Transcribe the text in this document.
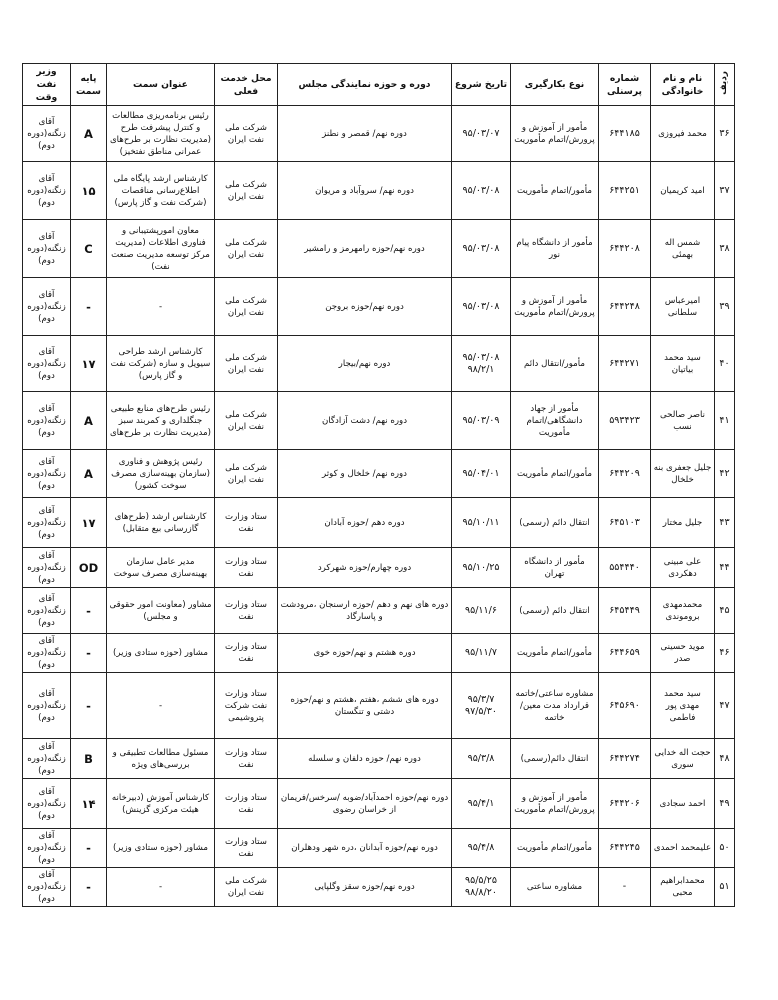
ردیف	نام و نام خانوادگی	شماره پرسنلی	نوع بکارگیری	تاریخ شروع	دوره و حوزه نمایندگی مجلس	محل خدمت فعلی	عنوان سمت	پایه سمت	وزیر نفت وقت
۳۶	محمد فیروزی	۶۴۴۱۸۵	مأمور از آموزش و پرورش/اتمام مأموریت	۹۵/۰۳/۰۷	دوره نهم/ قمصر و نطنز	شرکت ملی نفت ایران	رئیس برنامه‌ریزی مطالعات و کنترل پیشرفت طرح (مدیریت نظارت بر طرح‌های عمرانی مناطق نفتخیز)	A	آقای زنگنه(دوره دوم)
۳۷	امید کریمیان	۶۴۴۲۵۱	مأمور/اتمام مأموریت	۹۵/۰۳/۰۸	دوره نهم/ سروآباد و مریوان	شرکت ملی نفت ایران	کارشناس ارشد پایگاه ملی اطلاع‌رسانی مناقصات (شرکت نفت و گاز پارس)	۱۵	آقای زنگنه(دوره دوم)
۳۸	شمس اله بهمئی	۶۴۴۲۰۸	مأمور از دانشگاه پیام نور	۹۵/۰۳/۰۸	دوره نهم/حوزه رامهرمز و رامشیر	شرکت ملی نفت ایران	معاون امورپشتیبانی و فناوری اطلاعات (مدیریت مرکز توسعه مدیریت صنعت نفت)	C	آقای زنگنه(دوره دوم)
۳۹	امیرعباس سلطانی	۶۴۴۲۴۸	مأمور از آموزش و پرورش/اتمام مأموریت	۹۵/۰۳/۰۸	دوره نهم/حوزه بروجن	شرکت ملی نفت ایران	-	-	آقای زنگنه(دوره دوم)
۴۰	سید محمد بیاتیان	۶۴۴۲۷۱	مأمور/انتقال دائم	۹۵/۰۳/۰۸ ۹۸/۲/۱	دوره نهم/بیجار	شرکت ملی نفت ایران	کارشناس ارشد طراحی سیویل و سازه (شرکت نفت و گاز پارس)	۱۷	آقای زنگنه(دوره دوم)
۴۱	ناصر صالحی نسب	۵۹۳۴۲۳	مأمور از جهاد دانشگاهی/اتمام مأموریت	۹۵/۰۳/۰۹	دوره نهم/ دشت آزادگان	شرکت ملی نفت ایران	رئیس طرح‌های منابع طبیعی جنگلداری و کمربند سبز (مدیریت نظارت بر طرح‌های	A	آقای زنگنه(دوره دوم)
۴۲	جلیل جعفری بنه خلخال	۶۴۴۲۰۹	مأمور/اتمام مأموریت	۹۵/۰۴/۰۱	دوره نهم/ خلخال و کوثر	شرکت ملی نفت ایران	رئیس پژوهش و فناوری (سازمان بهینه‌سازی مصرف سوخت کشور)	A	آقای زنگنه(دوره دوم)
۴۳	جلیل مختار	۶۴۵۱۰۳	انتقال دائم (رسمی)	۹۵/۱۰/۱۱	دوره دهم /حوزه آبادان	ستاد وزارت نفت	کارشناس ارشد (طرح‌های گازرسانی بیع متقابل)	۱۷	آقای زنگنه(دوره دوم)
۴۴	علی مبینی دهکردی	۵۵۴۴۴۰	مأمور از دانشگاه تهران	۹۵/۱۰/۲۵	دوره چهارم/حوزه شهرکرد	ستاد وزارت نفت	مدیر عامل سازمان بهینه‌سازی مصرف سوخت	OD	آقای زنگنه(دوره دوم)
۴۵	محمدمهدی بروموندی	۶۴۵۴۴۹	انتقال دائم (رسمی)	۹۵/۱۱/۶	دوره های نهم و دهم /حوزه ارسنجان ،مرودشت و پاسارگاد	ستاد وزارت نفت	مشاور (معاونت امور حقوقی و مجلس)	-	آقای زنگنه(دوره دوم)
۴۶	موید حسینی صدر	۶۴۴۶۵۹	مأمور/اتمام مأموریت	۹۵/۱۱/۷	دوره هشتم و نهم/حوزه خوی	ستاد وزارت نفت	مشاور (حوزه ستادی وزیر)	-	آقای زنگنه(دوره دوم)
۴۷	سید محمد مهدی پور فاطمی	۶۴۵۶۹۰	مشاوره ساعتی/خاتمه قرارداد مدت معین/خاتمه	۹۵/۳/۷ ۹۷/۵/۳۰	دوره های ششم ،هفتم ،هشتم و نهم/حوزه دشتی و تنگستان	ستاد وزارت نفت شرکت پتروشیمی	-	-	آقای زنگنه(دوره دوم)
۴۸	حجت اله خدایی سوری	۶۴۴۲۷۴	انتقال دائم(رسمی)	۹۵/۳/۸	دوره نهم/ حوزه دلفان و سلسله	ستاد وزارت نفت	مسئول مطالعات تطبیقی و بررسی‌های ویژه	B	آقای زنگنه(دوره دوم)
۴۹	احمد سجادی	۶۴۴۲۰۶	مأمور از آموزش و پرورش/اتمام مأموریت	۹۵/۴/۱	دوره نهم/حوزه احمدآباد/ضوبه /سرخس/فریمان از خراسان رضوی	ستاد وزارت نفت	کارشناس آموزش (دبیرخانه هیئت مرکزی گزینش)	۱۴	آقای زنگنه(دوره دوم)
۵۰	علیمحمد احمدی	۶۴۴۲۴۵	مأمور/اتمام مأموریت	۹۵/۴/۸	دوره نهم/حوزه آبدانان ،دره شهر ودهلران	ستاد وزارت نفت	مشاور (حوزه ستادی وزیر)	-	آقای زنگنه(دوره دوم)
۵۱	محمدابراهیم محبی	-	مشاوره ساعتی	۹۵/۵/۲۵ ۹۸/۸/۲۰	دوره نهم/حوزه سقز وگلپایی	شرکت ملی نفت ایران	-	-	آقای زنگنه(دوره دوم)
